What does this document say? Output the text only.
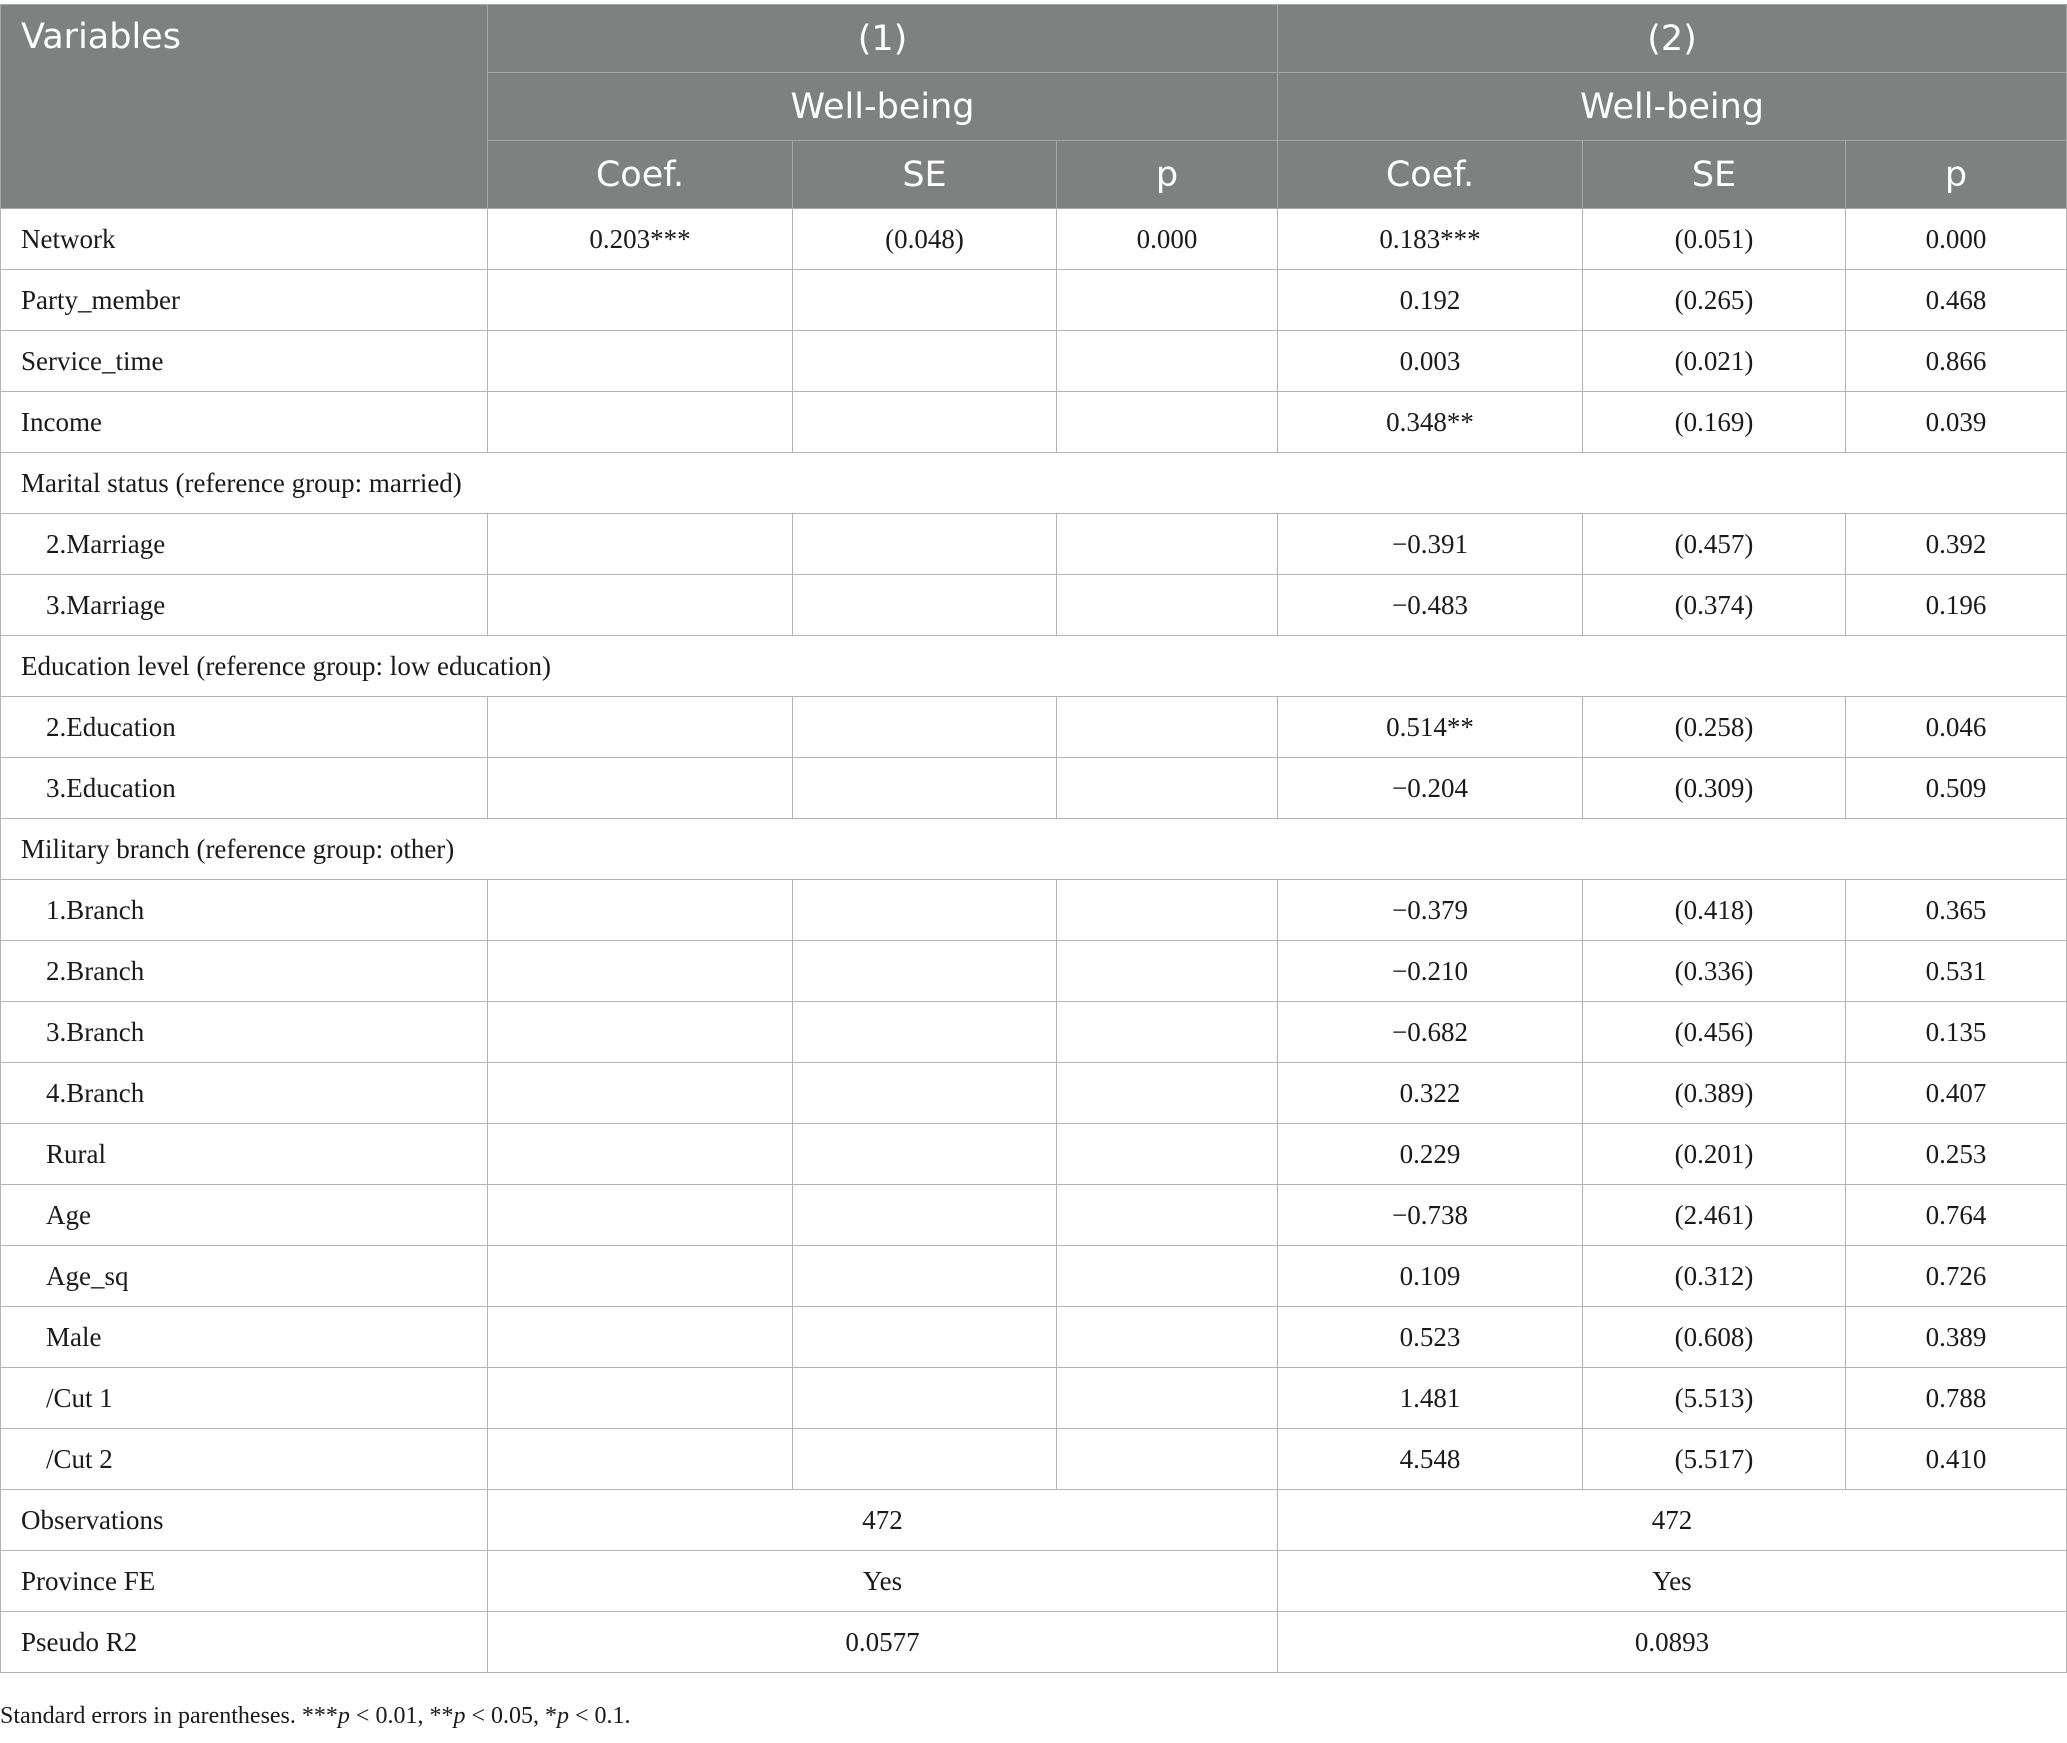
Variables	(1)			(2)		
	Well-being			Well-being		
	Coef.	SE	p	Coef.	SE	p
Network	0.203***	(0.048)	0.000	0.183***	(0.051)	0.000
Party_member				0.192	(0.265)	0.468
Service_time				0.003	(0.021)	0.866
Income				0.348**	(0.169)	0.039
Marital status (reference group: married)						
2.Marriage				−0.391	(0.457)	0.392
3.Marriage				−0.483	(0.374)	0.196
Education level (reference group: low education)						
2.Education				0.514**	(0.258)	0.046
3.Education				−0.204	(0.309)	0.509
Military branch (reference group: other)						
1.Branch				−0.379	(0.418)	0.365
2.Branch				−0.210	(0.336)	0.531
3.Branch				−0.682	(0.456)	0.135
4.Branch				0.322	(0.389)	0.407
Rural				0.229	(0.201)	0.253
Age				−0.738	(2.461)	0.764
Age_sq				0.109	(0.312)	0.726
Male				0.523	(0.608)	0.389
/Cut 1				1.481	(5.513)	0.788
/Cut 2				4.548	(5.517)	0.410
Observations	472			472		
Province FE	Yes			Yes		
Pseudo R2	0.0577			0.0893		
Standard errors in parentheses. ***p < 0.01, **p < 0.05, *p < 0.1.
